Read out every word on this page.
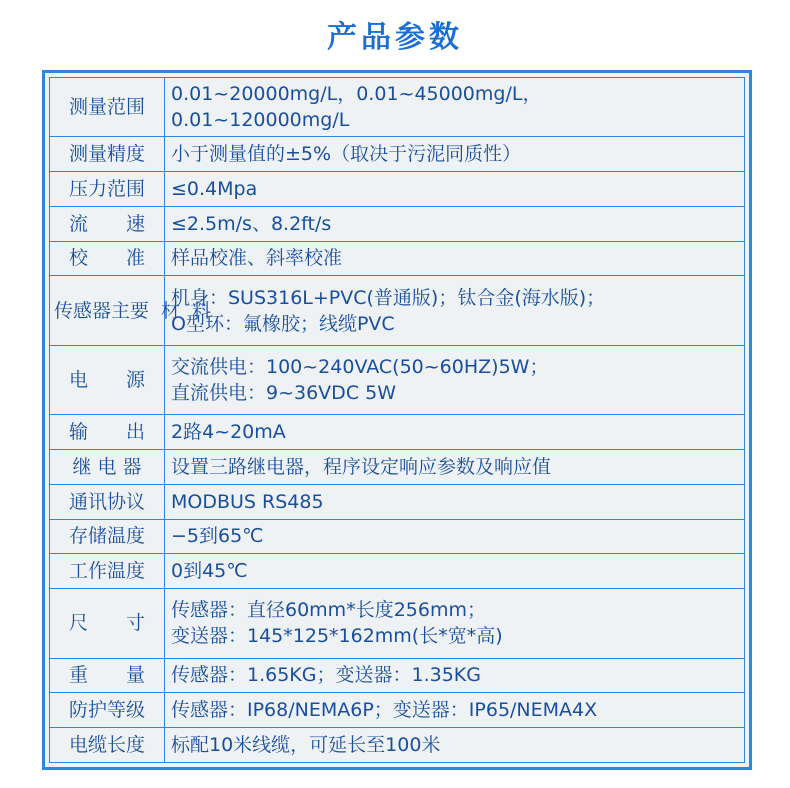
产品参数
测量范围	0.01~20000mg/L，0.01~45000mg/L，
0.01~120000mg/L

测量精度	小于测量值的±5%（取决于污泥同质性）

压力范围	≤0.4Mpa

流　　速	≤2.5m/s、8.2ft/s

校　　准	样品校准、斜率校准

传感器主要材料	机身：SUS316L+PVC(普通版)；钛合金(海水版)；
O型环：氟橡胶；线缆PVC

电　　源	交流供电：100~240VAC(50~60HZ)5W；
直流供电：9~36VDC 5W

输　　出	2路4~20mA

继 电 器	设置三路继电器，程序设定响应参数及响应值

通讯协议	MODBUS RS485

存储温度	−5到65℃

工作温度	0到45℃

尺　　寸	传感器：直径60mm*长度256mm；
变送器：145*125*162mm(长*宽*高)

重　　量	传感器：1.65KG；变送器：1.35KG

防护等级	传感器：IP68/NEMA6P；变送器：IP65/NEMA4X

电缆长度	标配10米线缆，可延长至100米
